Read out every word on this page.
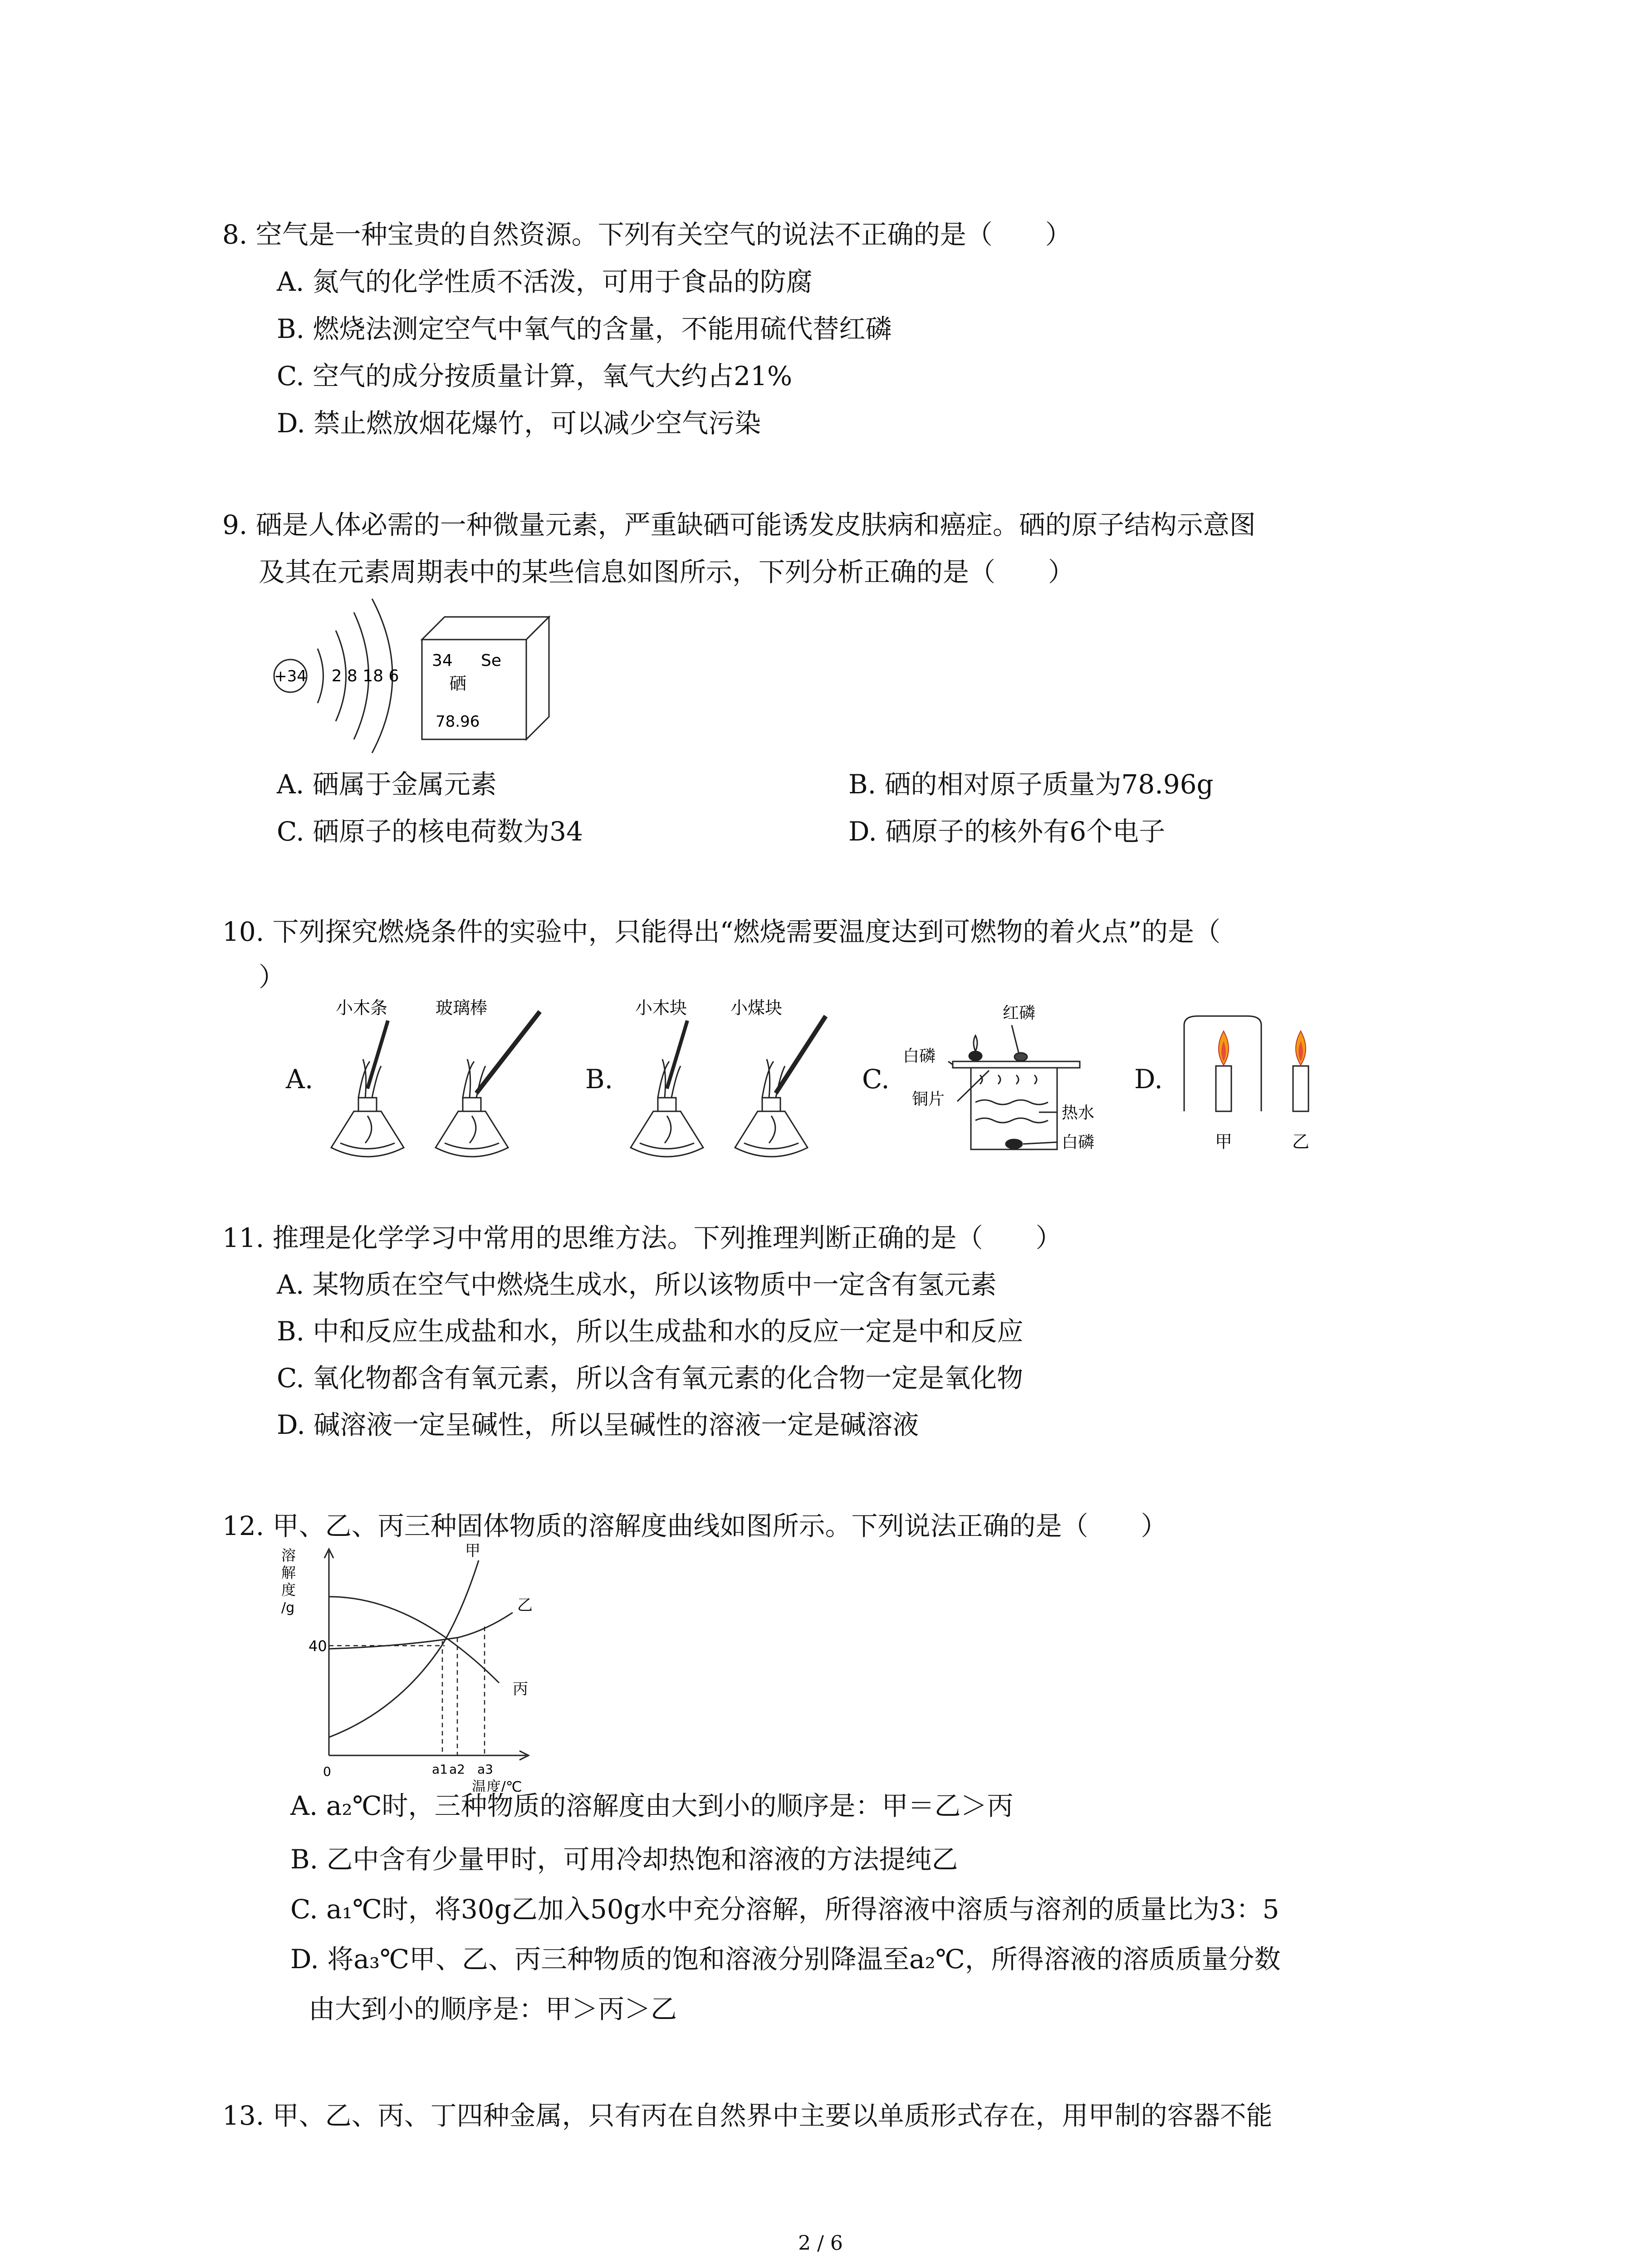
8. 空气是一种宝贵的自然资源。下列有关空气的说法不正确的是（　　）
A. 氮气的化学性质不活泼，可用于食品的防腐
B. 燃烧法测定空气中氧气的含量，不能用硫代替红磷
C. 空气的成分按质量计算，氧气大约占21%
D. 禁止燃放烟花爆竹，可以减少空气污染
9. 硒是人体必需的一种微量元素，严重缺硒可能诱发皮肤病和癌症。硒的原子结构示意图
及其在元素周期表中的某些信息如图所示，下列分析正确的是（　　）
+34 2 8 18 6
34 Se
硒
78.96
A. 硒属于金属元素	B. 硒的相对原子质量为78.96g
C. 硒原子的核电荷数为34	D. 硒原子的核外有6个电子
10. 下列探究燃烧条件的实验中，只能得出“燃烧需要温度达到可燃物的着火点”的是（
）
A.	B.	C.	D.
小木条	玻璃棒	小木块	小煤块	红磷
白磷
铜片
热水
白磷	甲	乙
11. 推理是化学学习中常用的思维方法。下列推理判断正确的是（　　）
A. 某物质在空气中燃烧生成水，所以该物质中一定含有氢元素
B. 中和反应生成盐和水，所以生成盐和水的反应一定是中和反应
C. 氧化物都含有氧元素，所以含有氧元素的化合物一定是氧化物
D. 碱溶液一定呈碱性，所以呈碱性的溶液一定是碱溶液
12. 甲、乙、丙三种固体物质的溶解度曲线如图所示。下列说法正确的是（　　）
溶
解
度
/g
40
0	a1 a2 a3
温度/℃
甲
乙
丙
A. a₂℃时，三种物质的溶解度由大到小的顺序是：甲＝乙＞丙
B. 乙中含有少量甲时，可用冷却热饱和溶液的方法提纯乙
C. a₁℃时，将30g乙加入50g水中充分溶解，所得溶液中溶质与溶剂的质量比为3：5
D. 将a₃℃甲、乙、丙三种物质的饱和溶液分别降温至a₂℃，所得溶液的溶质质量分数
由大到小的顺序是：甲＞丙＞乙
13. 甲、乙、丙、丁四种金属，只有丙在自然界中主要以单质形式存在，用甲制的容器不能
2 / 6
